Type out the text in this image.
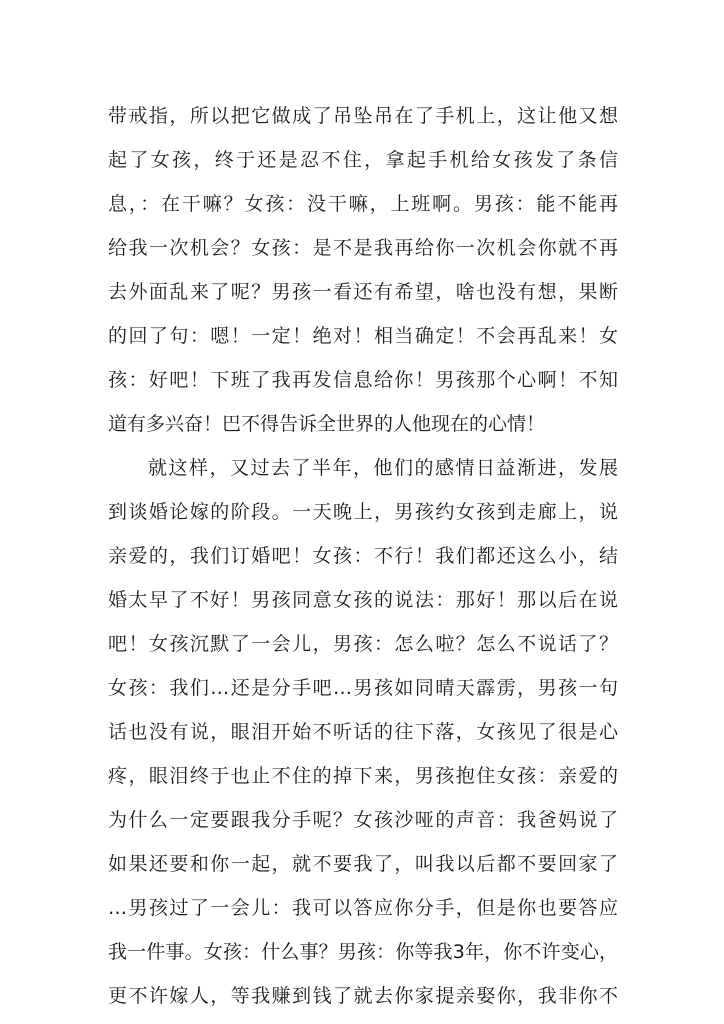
带戒指，所以把它做成了吊坠吊在了手机上，这让他又想
起了女孩，终于还是忍不住，拿起手机给女孩发了条信
息，：在干嘛？女孩：没干嘛，上班啊。男孩：能不能再
给我一次机会？女孩：是不是我再给你一次机会你就不再
去外面乱来了呢？男孩一看还有希望，啥也没有想，果断
的回了句：嗯！一定！绝对！相当确定！不会再乱来！女
孩：好吧！下班了我再发信息给你！男孩那个心啊！不知
道有多兴奋！巴不得告诉全世界的人他现在的心情！
就这样，又过去了半年，他们的感情日益渐进，发展
到谈婚论嫁的阶段。一天晚上，男孩约女孩到走廊上，说
亲爱的，我们订婚吧！女孩：不行！我们都还这么小，结
婚太早了不好！男孩同意女孩的说法：那好！那以后在说
吧！女孩沉默了一会儿，男孩：怎么啦？怎么不说话了？
女孩：我们…还是分手吧…男孩如同晴天霹雳，男孩一句
话也没有说，眼泪开始不听话的往下落，女孩见了很是心
疼，眼泪终于也止不住的掉下来，男孩抱住女孩：亲爱的
为什么一定要跟我分手呢？女孩沙哑的声音：我爸妈说了
如果还要和你一起，就不要我了，叫我以后都不要回家了
…男孩过了一会儿：我可以答应你分手，但是你也要答应
我一件事。女孩：什么事？男孩：你等我3年，你不许变心，
更不许嫁人，等我赚到钱了就去你家提亲娶你，我非你不
